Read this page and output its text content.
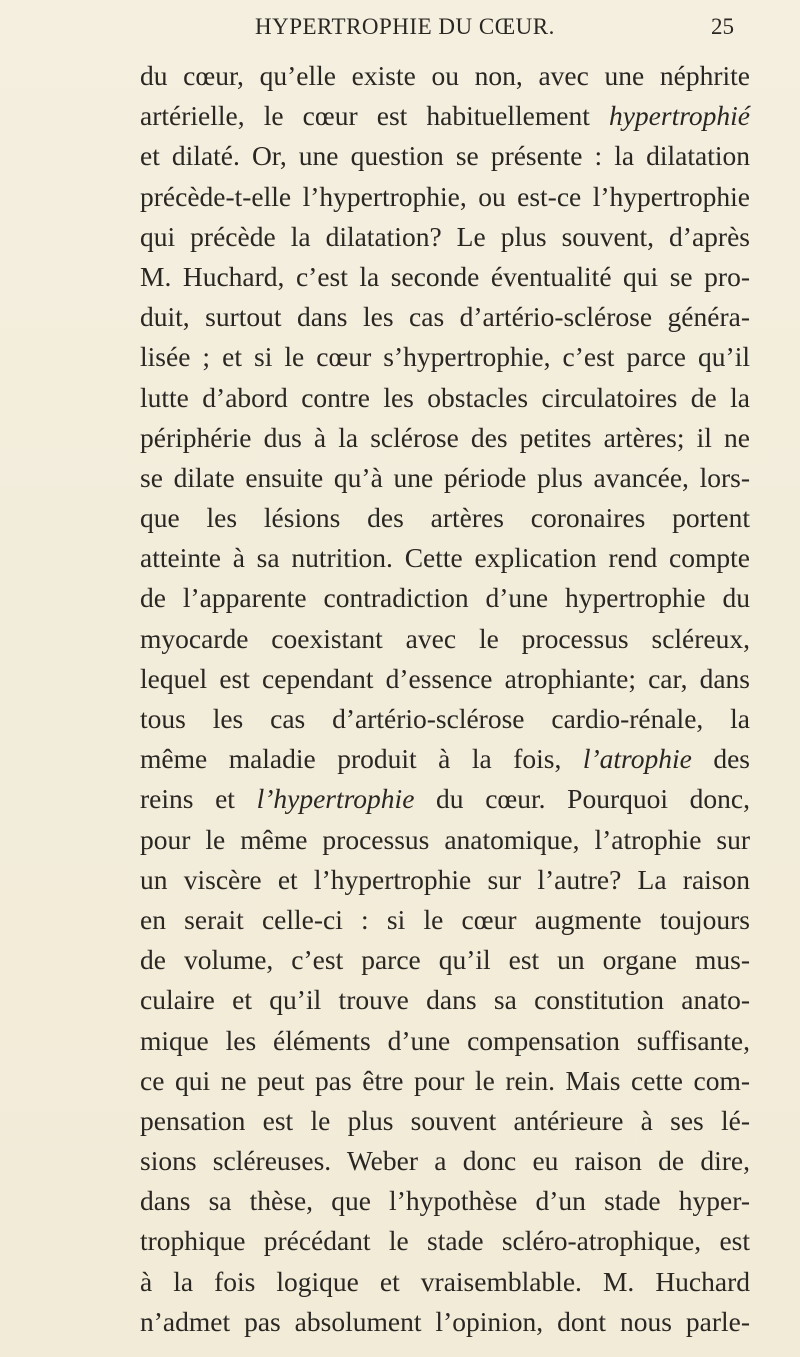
HYPERTROPHIE DU CŒUR.	25
du cœur, qu’elle existe ou non, avec une néphrite
artérielle, le cœur est habituellement hypertrophié
et dilaté. Or, une question se présente : la dilatation
précède-t-elle l’hypertrophie, ou est-ce l’hypertrophie
qui précède la dilatation? Le plus souvent, d’après
M. Huchard, c’est la seconde éventualité qui se pro-
duit, surtout dans les cas d’artério-sclérose généra-
lisée ; et si le cœur s’hypertrophie, c’est parce qu’il
lutte d’abord contre les obstacles circulatoires de la
périphérie dus à la sclérose des petites artères; il ne
se dilate ensuite qu’à une période plus avancée, lors-
que les lésions des artères coronaires portent
atteinte à sa nutrition. Cette explication rend compte
de l’apparente contradiction d’une hypertrophie du
myocarde coexistant avec le processus scléreux,
lequel est cependant d’essence atrophiante; car, dans
tous les cas d’artério-sclérose cardio-rénale, la
même maladie produit à la fois, l’atrophie des
reins et l’hypertrophie du cœur. Pourquoi donc,
pour le même processus anatomique, l’atrophie sur
un viscère et l’hypertrophie sur l’autre? La raison
en serait celle-ci : si le cœur augmente toujours
de volume, c’est parce qu’il est un organe mus-
culaire et qu’il trouve dans sa constitution anato-
mique les éléments d’une compensation suffisante,
ce qui ne peut pas être pour le rein. Mais cette com-
pensation est le plus souvent antérieure à ses lé-
sions scléreuses. Weber a donc eu raison de dire,
dans sa thèse, que l’hypothèse d’un stade hyper-
trophique précédant le stade scléro-atrophique, est
à la fois logique et vraisemblable. M. Huchard
n’admet pas absolument l’opinion, dont nous parle-
